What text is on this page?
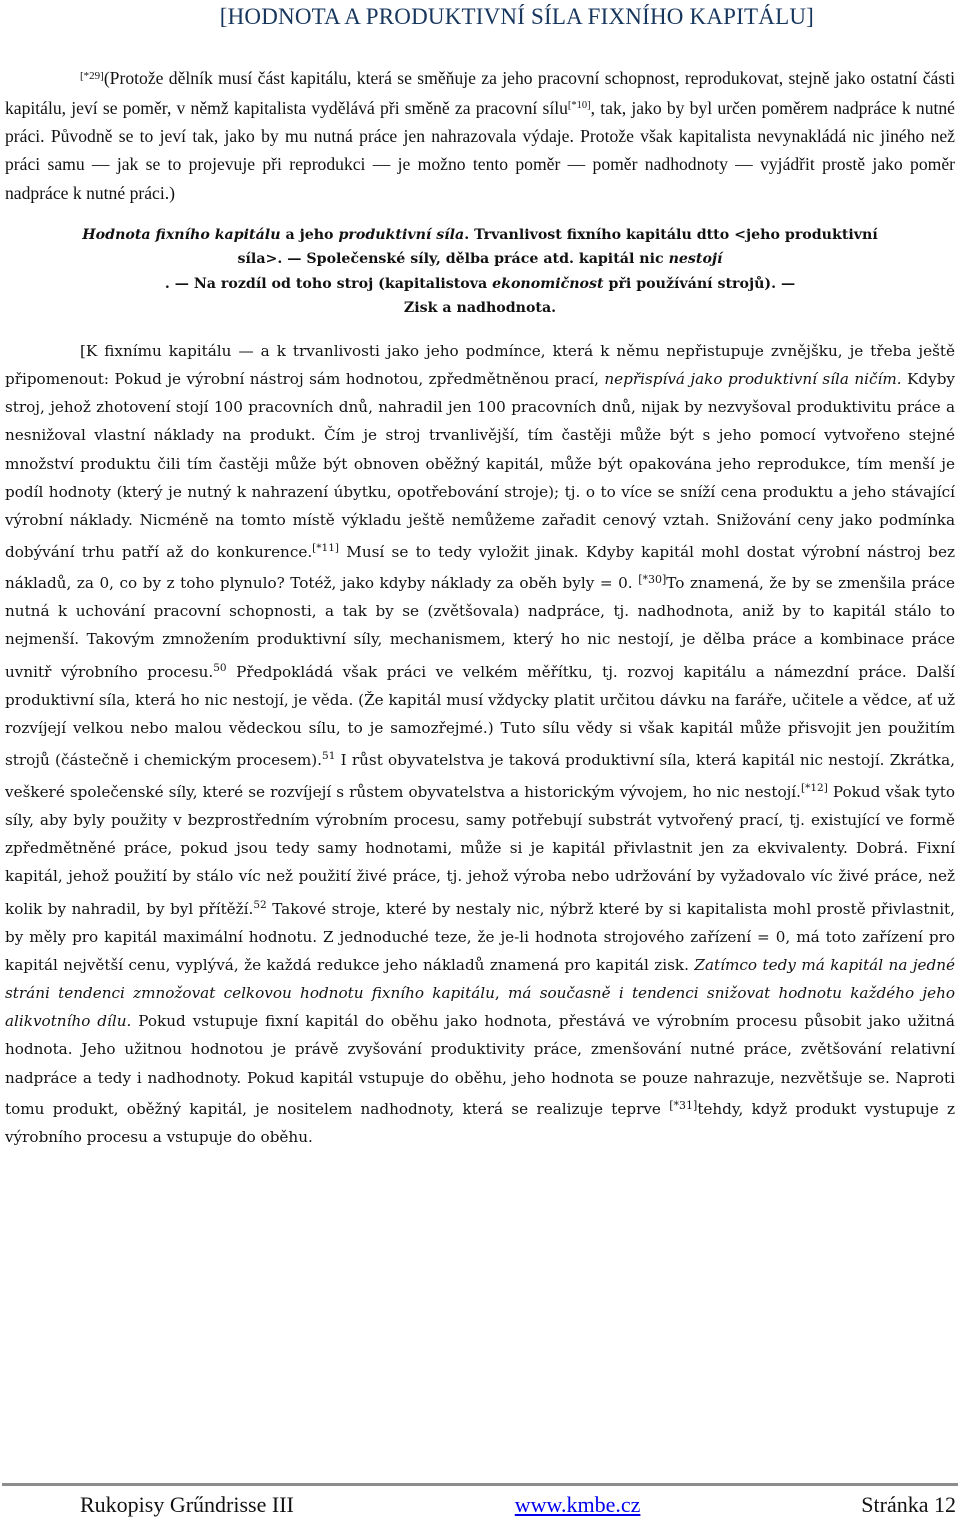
[HODNOTA A PRODUKTIVNÍ SÍLA FIXNÍHO KAPITÁLU]

[*29](Protože dělník musí část kapitálu, která se směňuje za jeho pracovní schopnost, reprodukovat, stejně jako ostatní části kapitálu, jeví se poměr, v němž kapitalista vydělává při směně za pracovní sílu[*10], tak, jako by byl určen poměrem nadpráce k nutné práci. Původně se to jeví tak, jako by mu nutná práce jen nahrazovala výdaje. Protože však kapitalista nevynakládá nic jiného než práci samu — jak se to projevuje při reprodukci — je možno tento poměr — poměr nadhodnoty — vyjádřit prostě jako poměr nadpráce k nutné práci.)

Hodnota fixního kapitálu a jeho produktivní síla. Trvanlivost fixního kapitálu dtto <jeho produktivní
síla>. — Společenské síly, dělba práce atd. kapitál nic nestojí
. — Na rozdíl od toho stroj (kapitalistova ekonomičnost při používání strojů). —
Zisk a nadhodnota.

[K fixnímu kapitálu — a k trvanlivosti jako jeho podmínce, která k němu nepřistupuje zvnějšku, je třeba ještě připomenout: Pokud je výrobní nástroj sám hodnotou, zpředmětněnou prací, nepřispívá jako produktivní síla ničím. Kdyby stroj, jehož zhotovení stojí 100 pracovních dnů, nahradil jen 100 pracovních dnů, nijak by nezvyšoval produktivitu práce a nesnižoval vlastní náklady na produkt. Čím je stroj trvanlivější, tím častěji může být s jeho pomocí vytvořeno stejné množství produktu čili tím častěji může být obnoven oběžný kapitál, může být opakována jeho reprodukce, tím menší je podíl hodnoty (který je nutný k nahrazení úbytku, opotřebování stroje); tj. o to více se sníží cena produktu a jeho stávající výrobní náklady. Nicméně na tomto místě výkladu ještě nemůžeme zařadit cenový vztah. Snižování ceny jako podmínka dobývání trhu patří až do konkurence.[*11] Musí se to tedy vyložit jinak. Kdyby kapitál mohl dostat výrobní nástroj bez nákladů, za 0, co by z toho plynulo? Totéž, jako kdyby náklady za oběh byly = 0. [*30]To znamená, že by se zmenšila práce nutná k uchování pracovní schopnosti, a tak by se (zvětšovala) nadpráce, tj. nadhodnota, aniž by to kapitál stálo to nejmenší. Takovým zmnožením produktivní síly, mechanismem, který ho nic nestojí, je dělba práce a kombinace práce uvnitř výrobního procesu.$^{50}$ Předpokládá však práci ve velkém měřítku, tj. rozvoj kapitálu a námezdní práce. Další produktivní síla, která ho nic nestojí, je věda. (Že kapitál musí vždycky platit určitou dávku na faráře, učitele a vědce, ať už rozvíjejí velkou nebo malou vědeckou sílu, to je samozřejmé.) Tuto sílu vědy si však kapitál může přisvojit jen použitím strojů (částečně i chemickým procesem).$^{51}$ I růst obyvatelstva je taková produktivní síla, která kapitál nic nestojí. Zkrátka, veškeré společenské síly, které se rozvíjejí s růstem obyvatelstva a historickým vývojem, ho nic nestojí.[*12] Pokud však tyto síly, aby byly použity v bezprostředním výrobním procesu, samy potřebují substrát vytvořený prací, tj. existující ve formě zpředmětněné práce, pokud jsou tedy samy hodnotami, může si je kapitál přivlastnit jen za ekvivalenty. Dobrá. Fixní kapitál, jehož použití by stálo víc než použití živé práce, tj. jehož výroba nebo udržování by vyžadovalo víc živé práce, než kolik by nahradil, by byl přítěží.$^{52}$ Takové stroje, které by nestaly nic, nýbrž které by si kapitalista mohl prostě přivlastnit, by měly pro kapitál maximální hodnotu. Z jednoduché teze, že je-li hodnota strojového zařízení = 0, má toto zařízení pro kapitál největší cenu, vyplývá, že každá redukce jeho nákladů znamená pro kapitál zisk. Zatímco tedy má kapitál na jedné stráni tendenci zmnožovat celkovou hodnotu fixního kapitálu, má současně i tendenci snižovat hodnotu každého jeho alikvotního dílu. Pokud vstupuje fixní kapitál do oběhu jako hodnota, přestává ve výrobním procesu působit jako užitná hodnota. Jeho užitnou hodnotou je právě zvyšování produktivity práce, zmenšování nutné práce, zvětšování relativní nadpráce a tedy i nadhodnoty. Pokud kapitál vstupuje do oběhu, jeho hodnota se pouze nahrazuje, nezvětšuje se. Naproti tomu produkt, oběžný kapitál, je nositelem nadhodnoty, která se realizuje teprve [*31]tehdy, když produkt vystupuje z výrobního procesu a vstupuje do oběhu.

Rukopisy Grűndrisse III	www.kmbe.cz	Stránka 12
